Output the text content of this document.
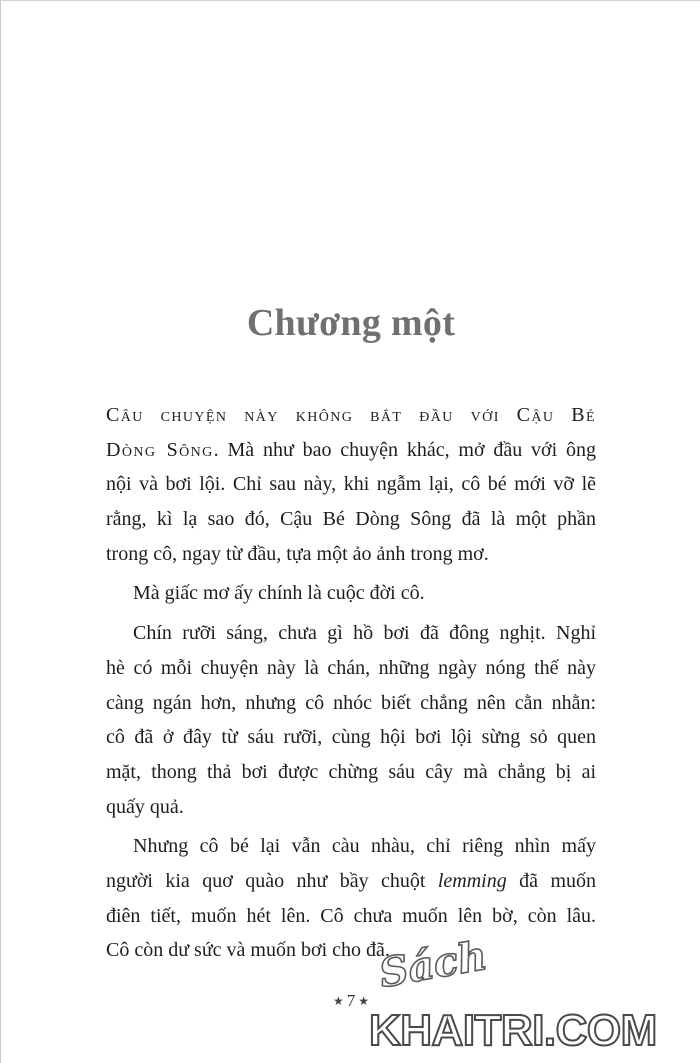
Chương một

Câu chuyện này không bắt đầu với Cậu Bé
Dòng Sông. Mà như bao chuyện khác, mở đầu với ông
nội và bơi lội. Chỉ sau này, khi ngẫm lại, cô bé mới vỡ lẽ
rằng, kì lạ sao đó, Cậu Bé Dòng Sông đã là một phần
trong cô, ngay từ đầu, tựa một ảo ảnh trong mơ.

Mà giấc mơ ấy chính là cuộc đời cô.

Chín rưỡi sáng, chưa gì hồ bơi đã đông nghịt. Nghỉ
hè có mỗi chuyện này là chán, những ngày nóng thế này
càng ngán hơn, nhưng cô nhóc biết chẳng nên cằn nhằn:
cô đã ở đây từ sáu rưỡi, cùng hội bơi lội sừng sỏ quen
mặt, thong thả bơi được chừng sáu cây mà chẳng bị ai
quấy quả.

Nhưng cô bé lại vẫn càu nhàu, chỉ riêng nhìn mấy
người kia quơ quào như bầy chuột lemming đã muốn
điên tiết, muốn hét lên. Cô chưa muốn lên bờ, còn lâu.
Cô còn dư sức và muốn bơi cho đã.

★ 7★
Sách
KHAITRI.COM
